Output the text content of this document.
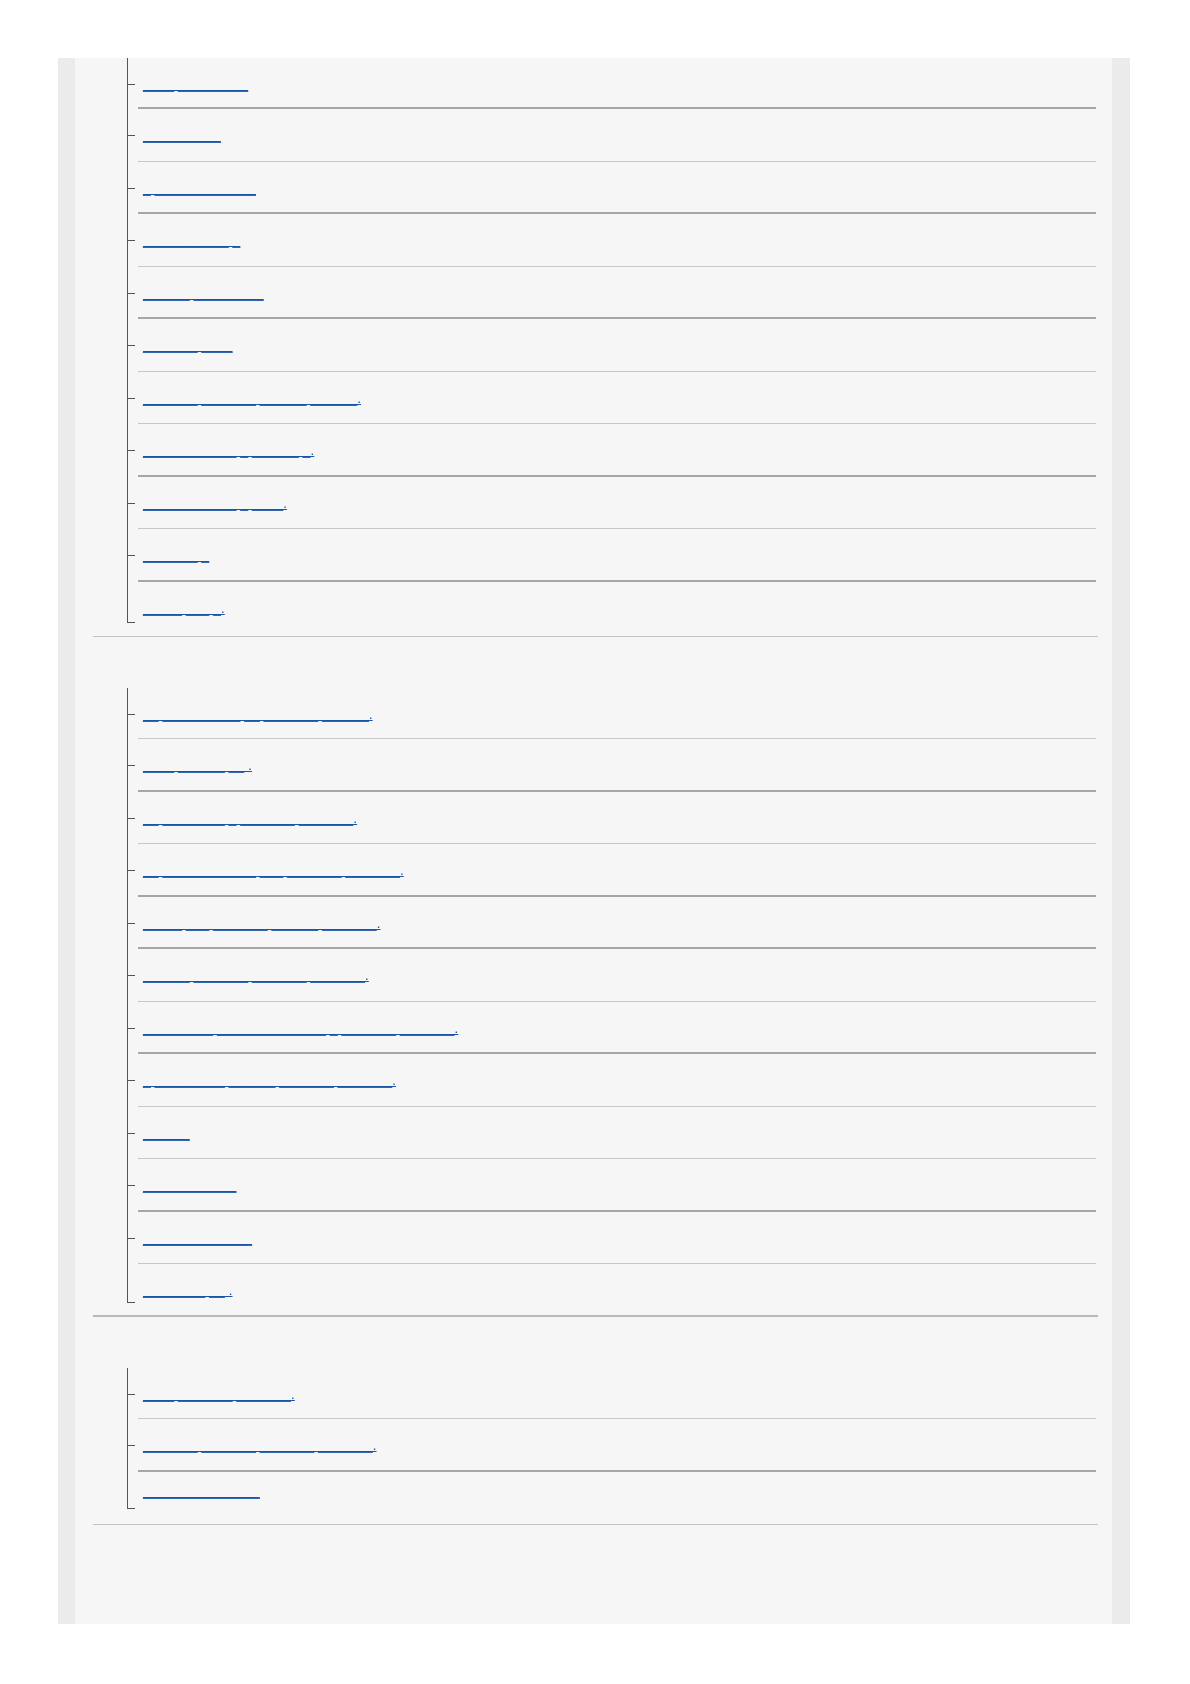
____ _________
__________
_ _____________
___________ _
______ _________
_______ ____
_______ _______ ______ ______.
____________ _ ______ _.
____________ _ ____.
_______ _
_____ ___ _.
__ __________ __ _______ ______.
____ ______ __ .
__ ________ _ _______ _______.
__ ____________ ___ _______ _______.
_____ ___ _______ ______ _______.
______ _______ _______ _______.
_________ ______________ _ _______ _______.
_ _________ ______ _______ _______.
______
____________
______________
________ __ .
____ _______ _______.
_______ _______ _______ _______.
_______________
